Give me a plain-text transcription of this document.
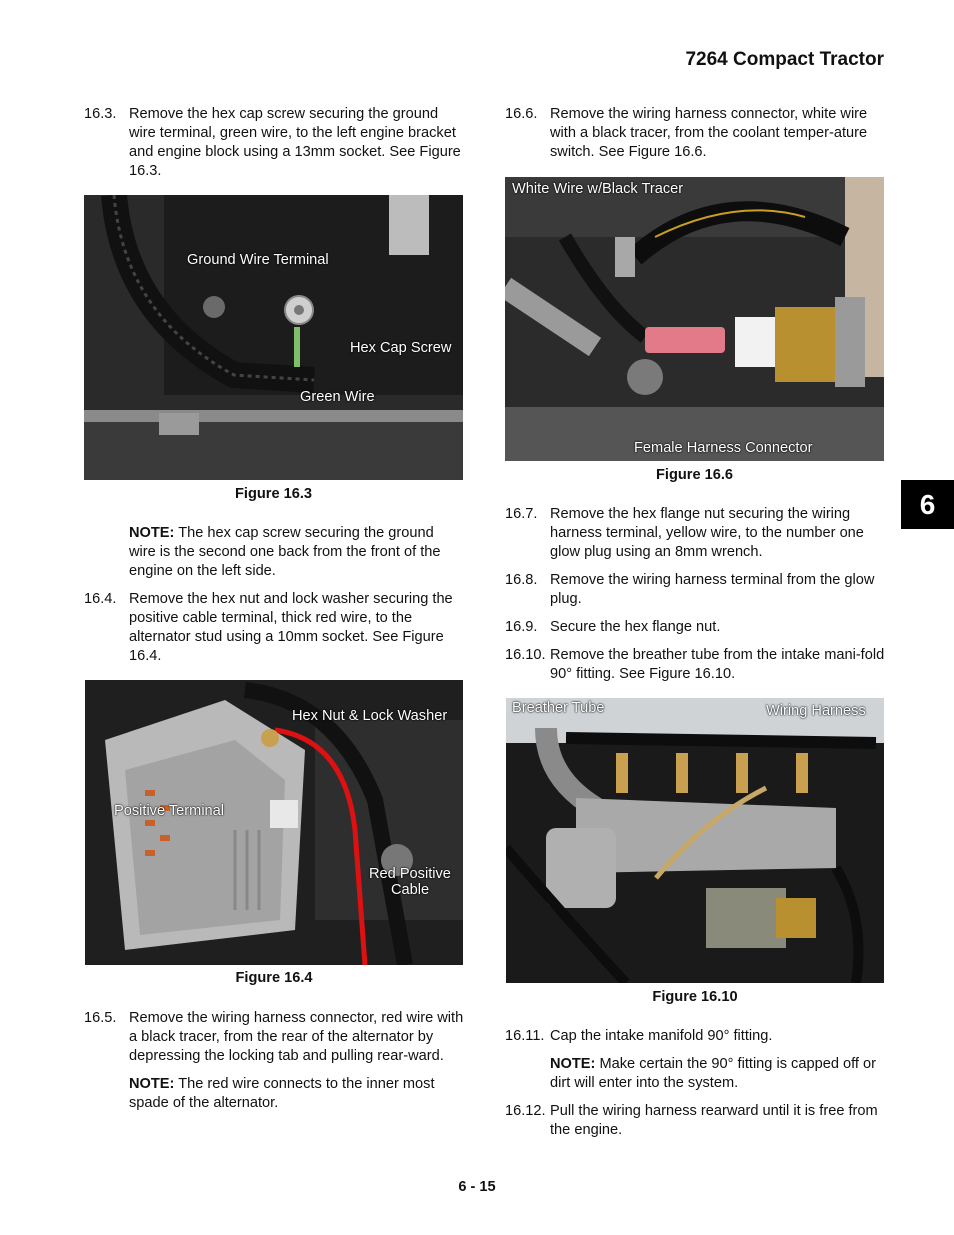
7264 Compact Tractor
6
16.3. Remove the hex cap screw securing the ground wire terminal, green wire, to the left engine bracket and engine block using a 13mm socket. See Figure 16.3.
Ground Wire Terminal
Hex Cap Screw
Green Wire
Figure 16.3
NOTE: The hex cap screw securing the ground wire is the second one back from the front of the engine on the left side.
16.4. Remove the hex nut and lock washer securing the positive cable terminal, thick red wire, to the alternator stud using a 10mm socket. See Figure 16.4.
Hex Nut & Lock Washer
Positive Terminal
Red Positive
Cable
Figure 16.4
16.5. Remove the wiring harness connector, red wire with a black tracer, from the rear of the alternator by depressing the locking tab and pulling rear-ward.
NOTE: The red wire connects to the inner most spade of the alternator.
16.6. Remove the wiring harness connector, white wire with a black tracer, from the coolant temper-ature switch. See Figure 16.6.
White Wire w/Black Tracer
Female Harness Connector
Figure 16.6
16.7. Remove the hex flange nut securing the wiring harness terminal, yellow wire, to the number one glow plug using an 8mm wrench.
16.8. Remove the wiring harness terminal from the glow plug.
16.9. Secure the hex flange nut.
16.10. Remove the breather tube from the intake mani-fold 90° fitting. See Figure 16.10.
Breather Tube	Wiring Harness
Figure 16.10
16.11. Cap the intake manifold 90° fitting.
NOTE: Make certain the 90° fitting is capped off or dirt will enter into the system.
16.12. Pull the wiring harness rearward until it is free from the engine.
6 - 15
